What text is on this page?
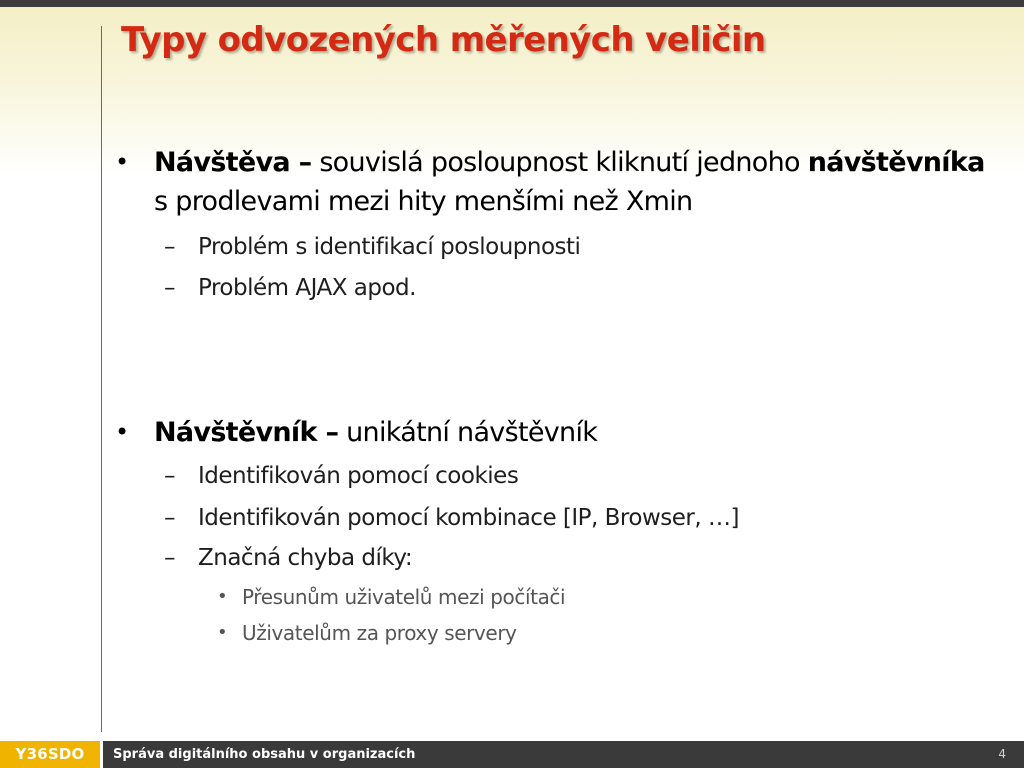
Typy odvozených měřených veličin
• Návštěva – souvislá posloupnost kliknutí jednoho návštěvníka s prodlevami mezi hity menšími než Xmin
– Problém s identifikací posloupnosti
– Problém AJAX apod.
• Návštěvník – unikátní návštěvník
– Identifikován pomocí cookies
– Identifikován pomocí kombinace [IP, Browser, …]
– Značná chyba díky:
• Přesunům uživatelů mezi počítači
• Uživatelům za proxy servery
Y36SDO	Správa digitálního obsahu v organizacích	4
